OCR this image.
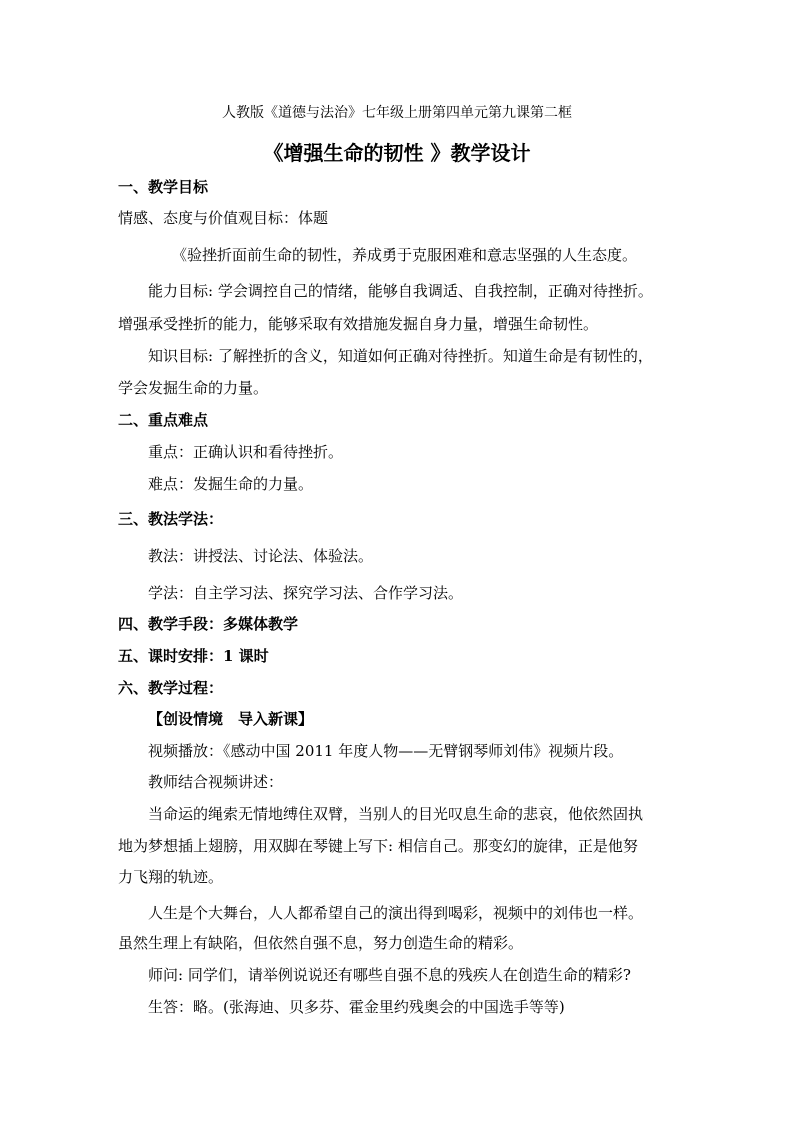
人教版《道德与法治》七年级上册第四单元第九课第二框
《增强生命的韧性 》教学设计
一、教学目标
情感、态度与价值观目标：体题
《验挫折面前生命的韧性，养成勇于克服困难和意志坚强的人生态度。
能力目标: 学会调控自己的情绪，能够自我调适、自我控制，正确对待挫折。
增强承受挫折的能力，能够采取有效措施发掘自身力量，增强生命韧性。
知识目标: 了解挫折的含义，知道如何正确对待挫折。知道生命是有韧性的，
学会发掘生命的力量。
二、重点难点
重点：正确认识和看待挫折。
难点：发掘生命的力量。
三、教法学法：
教法：讲授法、讨论法、体验法。
学法：自主学习法、探究学习法、合作学习法。
四、教学手段：多媒体教学
五、课时安排：1 课时
六、教学过程：
【创设情境　导入新课】
视频播放：《感动中国 2011 年度人物——无臂钢琴师刘伟》视频片段。
教师结合视频讲述：
当命运的绳索无情地缚住双臂，当别人的目光叹息生命的悲哀，他依然固执
地为梦想插上翅膀，用双脚在琴键上写下: 相信自己。那变幻的旋律，正是他努
力飞翔的轨迹。
人生是个大舞台，人人都希望自己的演出得到喝彩，视频中的刘伟也一样。
虽然生理上有缺陷，但依然自强不息，努力创造生命的精彩。
师问: 同学们，请举例说说还有哪些自强不息的残疾人在创造生命的精彩?
生答：略。(张海迪、贝多芬、霍金里约残奥会的中国选手等等)
